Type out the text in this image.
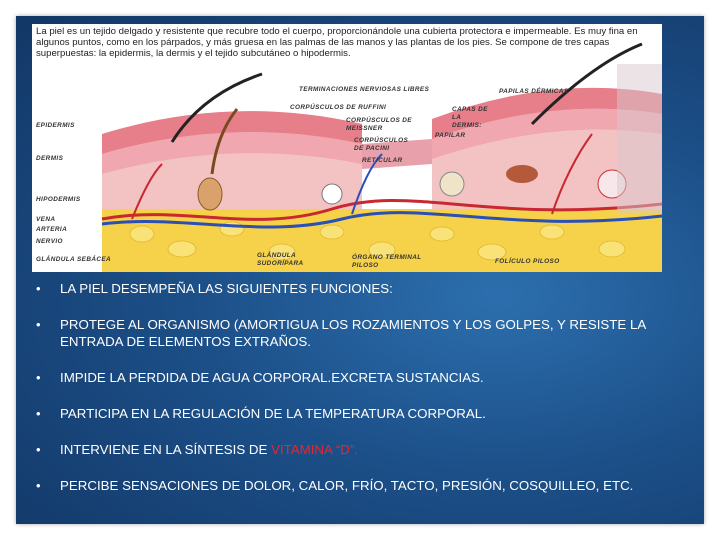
La piel es un tejido delgado y resistente que recubre todo el cuerpo, proporcionándole una cubierta protectora e impermeable. Es muy fina en algunos puntos, como en los párpados, y más gruesa en las palmas de las manos y las plantas de los pies. Se compone de tres capas superpuestas: la epidermis, la dermis y el tejido subcutáneo o hipodermis.
TERMINACIONES NERVIOSAS LIBRES	PAPILAS DÉRMICAS
CORPÚSCULOS DE RUFFINI	CAPAS DE LA DERMIS:
CORPÚSCULOS DE MEISSNER
PAPILAR
CORPÚSCULOS DE PACINI
RETICULAR
EPIDERMIS
DERMIS
HIPODERMIS
VENA
ARTERIA
NERVIO
GLÁNDULA SEBÁCEA
GLÁNDULA SUDORÍPARA
ÓRGANO TERMINAL PILOSO
FOLÍCULO PILOSO
• LA PIEL DESEMPEÑA LAS SIGUIENTES FUNCIONES:
• PROTEGE AL ORGANISMO (AMORTIGUA LOS ROZAMIENTOS Y LOS GOLPES, Y RESISTE LA ENTRADA DE ELEMENTOS EXTRAÑOS.
• IMPIDE LA PERDIDA DE AGUA CORPORAL.EXCRETA SUSTANCIAS.
• PARTICIPA EN LA REGULACIÓN DE LA TEMPERATURA CORPORAL.
• INTERVIENE EN LA SÍNTESIS DE VITAMINA “D”.
• PERCIBE SENSACIONES DE DOLOR, CALOR, FRÍO, TACTO, PRESIÓN, COSQUILLEO, ETC.
